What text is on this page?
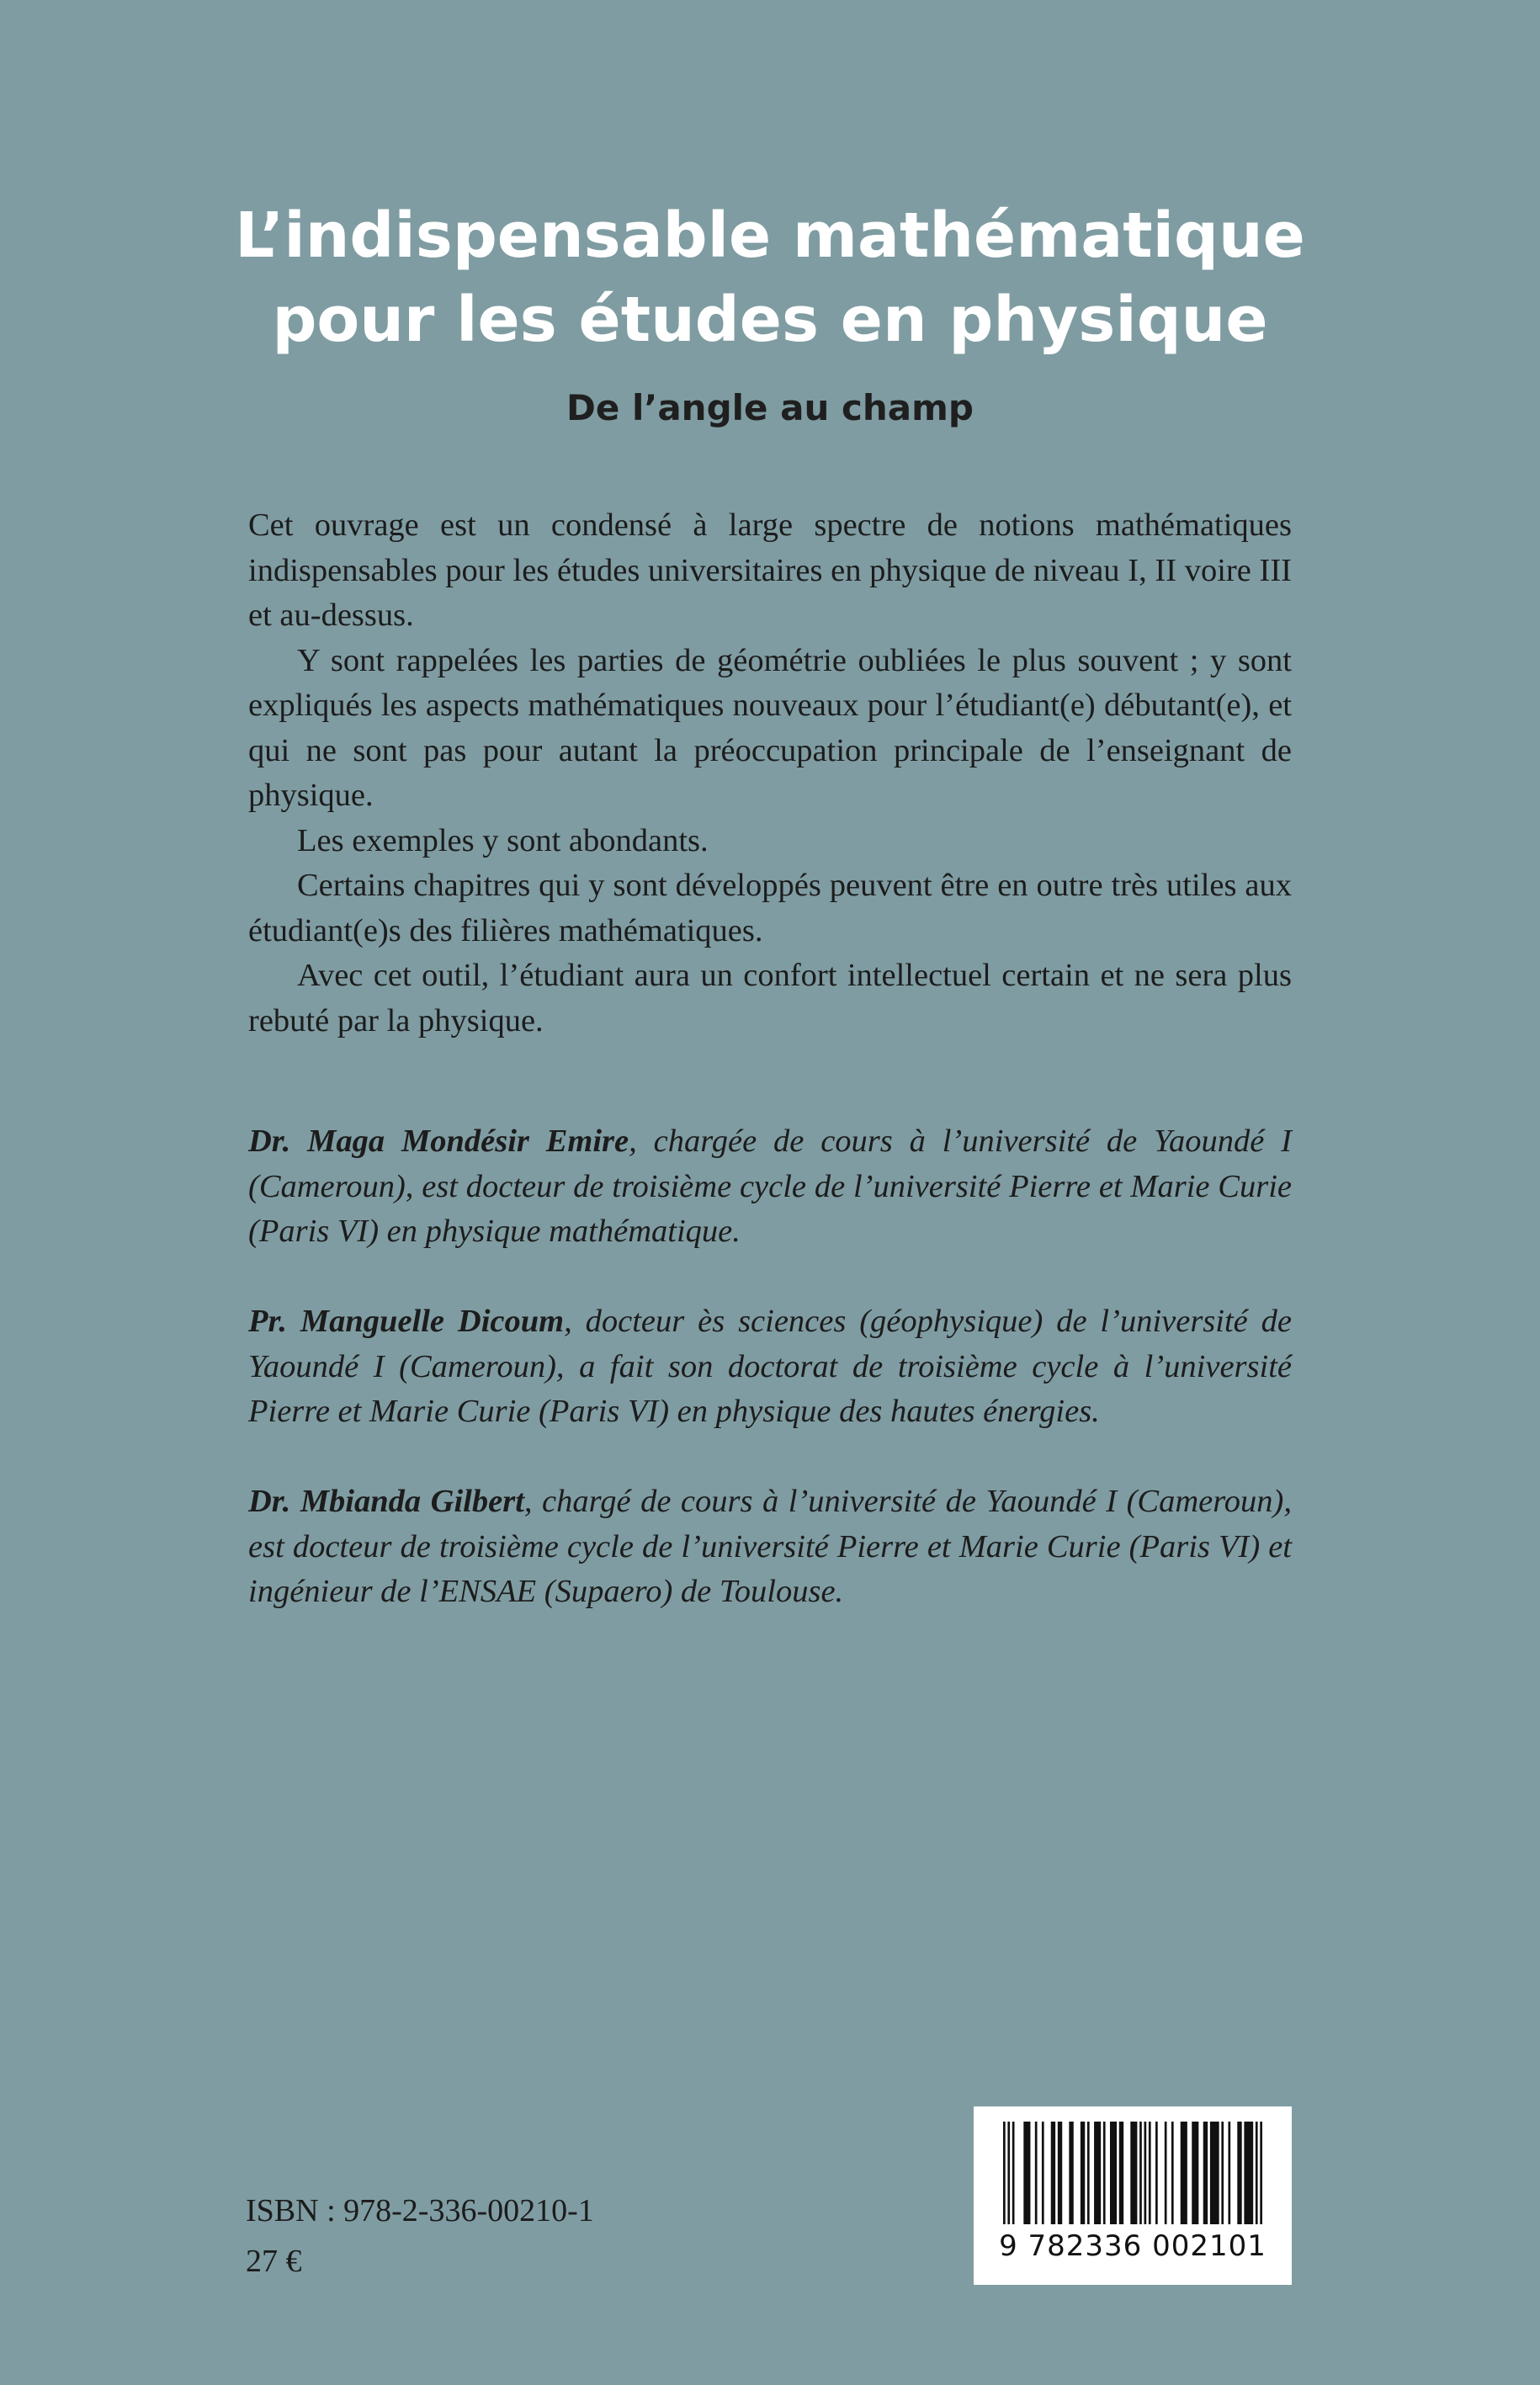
L’indispensable mathématique
pour les études en physique
De l’angle au champ

Cet ouvrage est un condensé à large spectre de notions mathématiques indispensables pour les études universitaires en physique de niveau I, II voire III et au-dessus.

Y sont rappelées les parties de géométrie oubliées le plus souvent ; y sont expliqués les aspects mathématiques nouveaux pour l’étudiant(e) débutant(e), et qui ne sont pas pour autant la préoccupation principale de l’enseignant de physique.

Les exemples y sont abondants.

Certains chapitres qui y sont développés peuvent être en outre très utiles aux étudiant(e)s des filières mathématiques.

Avec cet outil, l’étudiant aura un confort intellectuel certain et ne sera plus rebuté par la physique.

Dr. Maga Mondésir Emire, chargée de cours à l’université de Yaoundé I (Cameroun), est docteur de troisième cycle de l’université Pierre et Marie Curie (Paris VI) en physique mathématique.

Pr. Manguelle Dicoum, docteur ès sciences (géophysique) de l’université de Yaoundé I (Cameroun), a fait son doctorat de troisième cycle à l’université Pierre et Marie Curie (Paris VI) en physique des hautes énergies.

Dr. Mbianda Gilbert, chargé de cours à l’université de Yaoundé I (Cameroun), est docteur de troisième cycle de l’université Pierre et Marie Curie (Paris VI) et ingénieur de l’ENSAE (Supaero) de Toulouse.

ISBN : 978-2-336-00210-1
27 €	9 782336 002101
